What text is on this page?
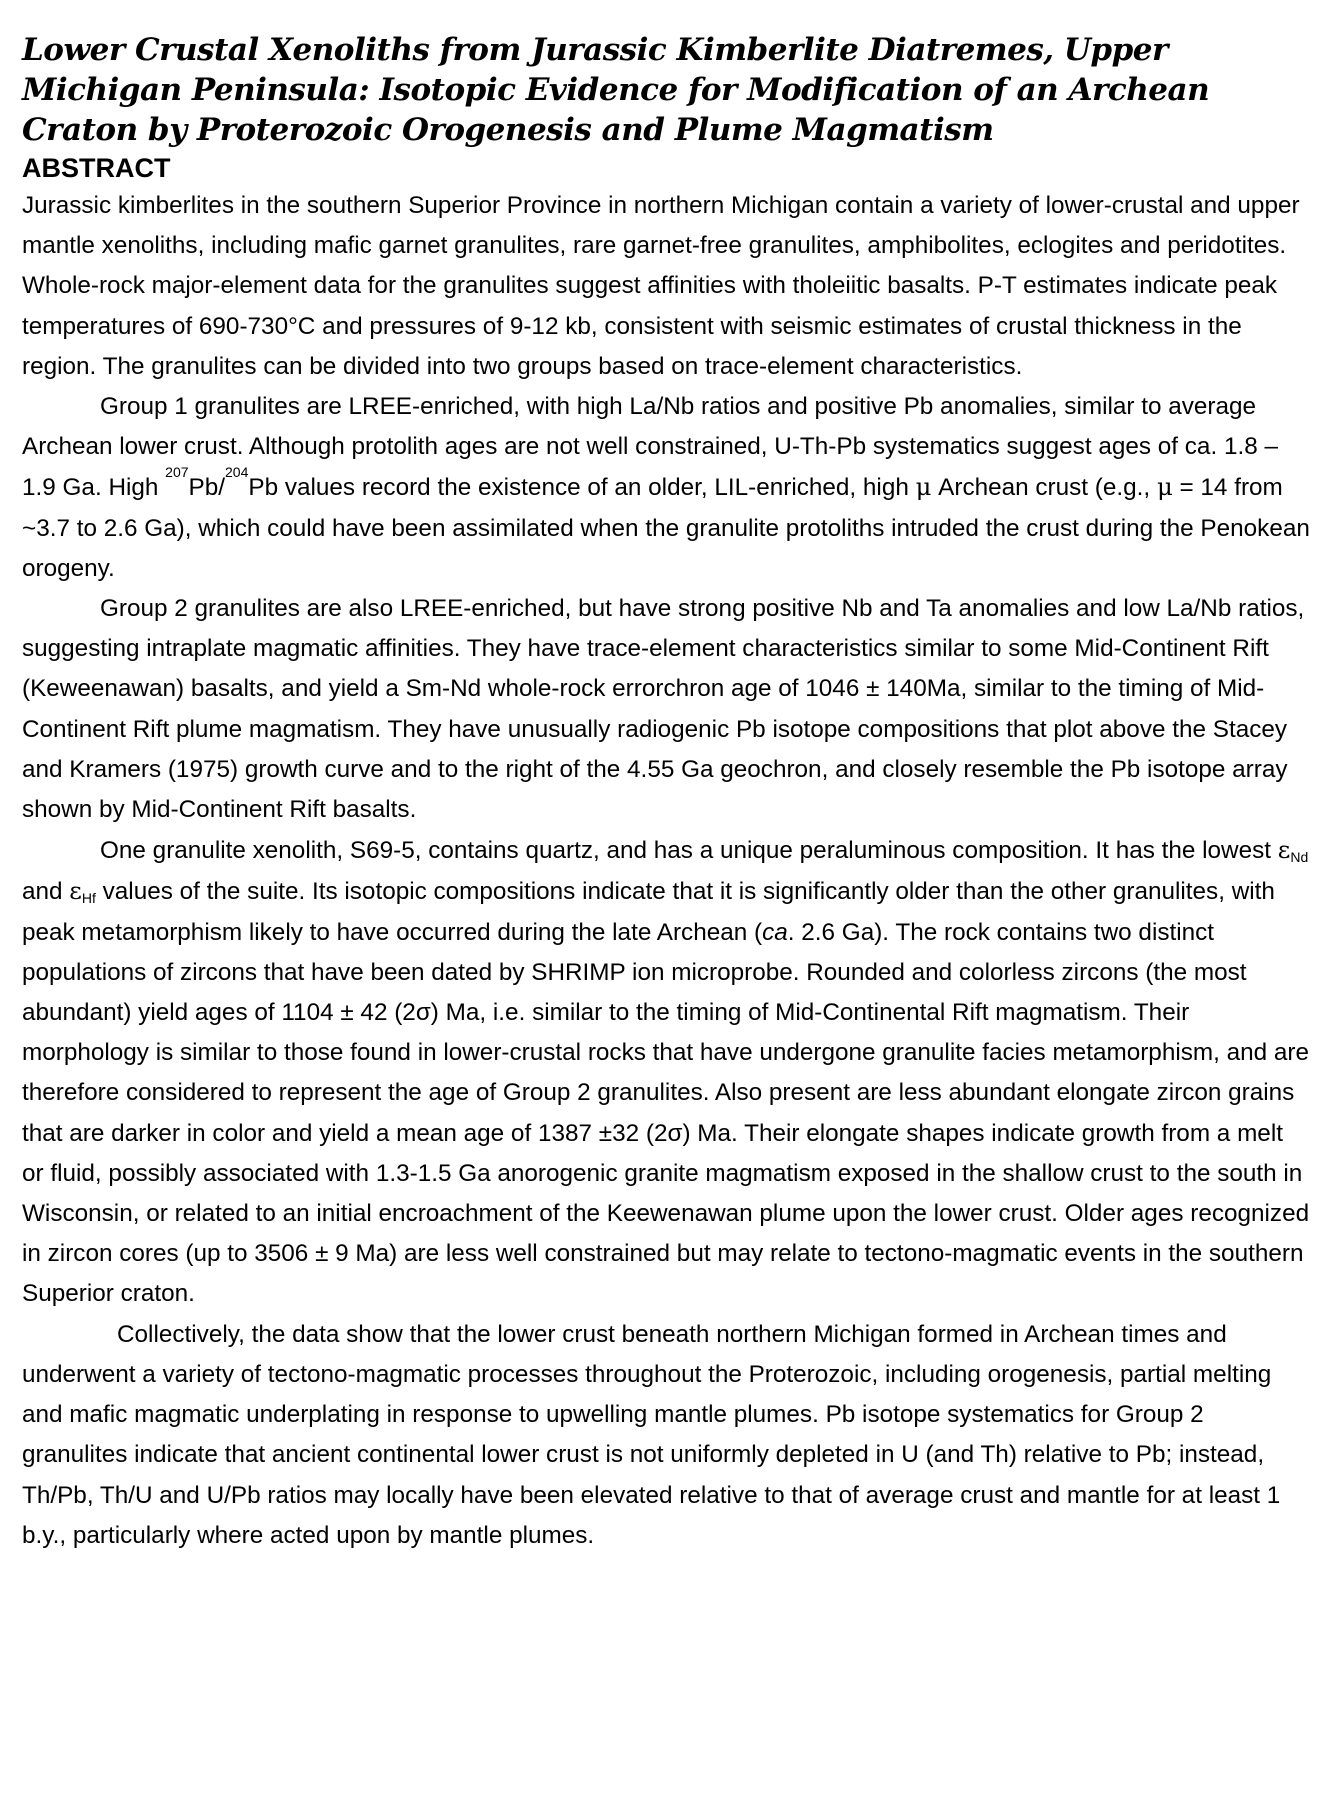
Lower Crustal Xenoliths from Jurassic Kimberlite Diatremes, Upper
Michigan Peninsula: Isotopic Evidence for Modification of an Archean
Craton by Proterozoic Orogenesis and Plume Magmatism
ABSTRACT

Jurassic kimberlites in the southern Superior Province in northern Michigan contain a variety of lower-crustal and upper mantle xenoliths, including mafic garnet granulites, rare garnet-free granulites, amphibolites, eclogites and peridotites. Whole-rock major-element data for the granulites suggest affinities with tholeiitic basalts. P-T estimates indicate peak temperatures of 690-730°C and pressures of 9-12 kb, consistent with seismic estimates of crustal thickness in the region. The granulites can be divided into two groups based on trace-element characteristics.

Group 1 granulites are LREE-enriched, with high La/Nb ratios and positive Pb anomalies, similar to average Archean lower crust. Although protolith ages are not well constrained, U-Th-Pb systematics suggest ages of ca. 1.8 – 1.9 Ga. High $^{207}$Pb/$^{204}$Pb values record the existence of an older, LIL-enriched, high μ Archean crust (e.g., μ = 14 from ~3.7 to 2.6 Ga), which could have been assimilated when the granulite protoliths intruded the crust during the Penokean orogeny.

Group 2 granulites are also LREE-enriched, but have strong positive Nb and Ta anomalies and low La/Nb ratios, suggesting intraplate magmatic affinities. They have trace-element characteristics similar to some Mid-Continent Rift (Keweenawan) basalts, and yield a Sm-Nd whole-rock errorchron age of 1046 ± 140Ma, similar to the timing of Mid-Continent Rift plume magmatism. They have unusually radiogenic Pb isotope compositions that plot above the Stacey and Kramers (1975) growth curve and to the right of the 4.55 Ga geochron, and closely resemble the Pb isotope array shown by Mid-Continent Rift basalts.

One granulite xenolith, S69-5, contains quartz, and has a unique peraluminous composition. It has the lowest $\varepsilon_{Nd}$ and $\varepsilon_{Hf}$ values of the suite. Its isotopic compositions indicate that it is significantly older than the other granulites, with peak metamorphism likely to have occurred during the late Archean (ca. 2.6 Ga). The rock contains two distinct populations of zircons that have been dated by SHRIMP ion microprobe. Rounded and colorless zircons (the most abundant) yield ages of 1104 ± 42 (2σ) Ma, i.e. similar to the timing of Mid-Continental Rift magmatism. Their morphology is similar to those found in lower-crustal rocks that have undergone granulite facies metamorphism, and are therefore considered to represent the age of Group 2 granulites. Also present are less abundant elongate zircon grains that are darker in color and yield a mean age of 1387 ±32 (2σ) Ma. Their elongate shapes indicate growth from a melt or fluid, possibly associated with 1.3-1.5 Ga anorogenic granite magmatism exposed in the shallow crust to the south in Wisconsin, or related to an initial encroachment of the Keewenawan plume upon the lower crust. Older ages recognized in zircon cores (up to 3506 ± 9 Ma) are less well constrained but may relate to tectono-magmatic events in the southern Superior craton.

Collectively, the data show that the lower crust beneath northern Michigan formed in Archean times and underwent a variety of tectono-magmatic processes throughout the Proterozoic, including orogenesis, partial melting and mafic magmatic underplating in response to upwelling mantle plumes. Pb isotope systematics for Group 2 granulites indicate that ancient continental lower crust is not uniformly depleted in U (and Th) relative to Pb; instead, Th/Pb, Th/U and U/Pb ratios may locally have been elevated relative to that of average crust and mantle for at least 1 b.y., particularly where acted upon by mantle plumes.
